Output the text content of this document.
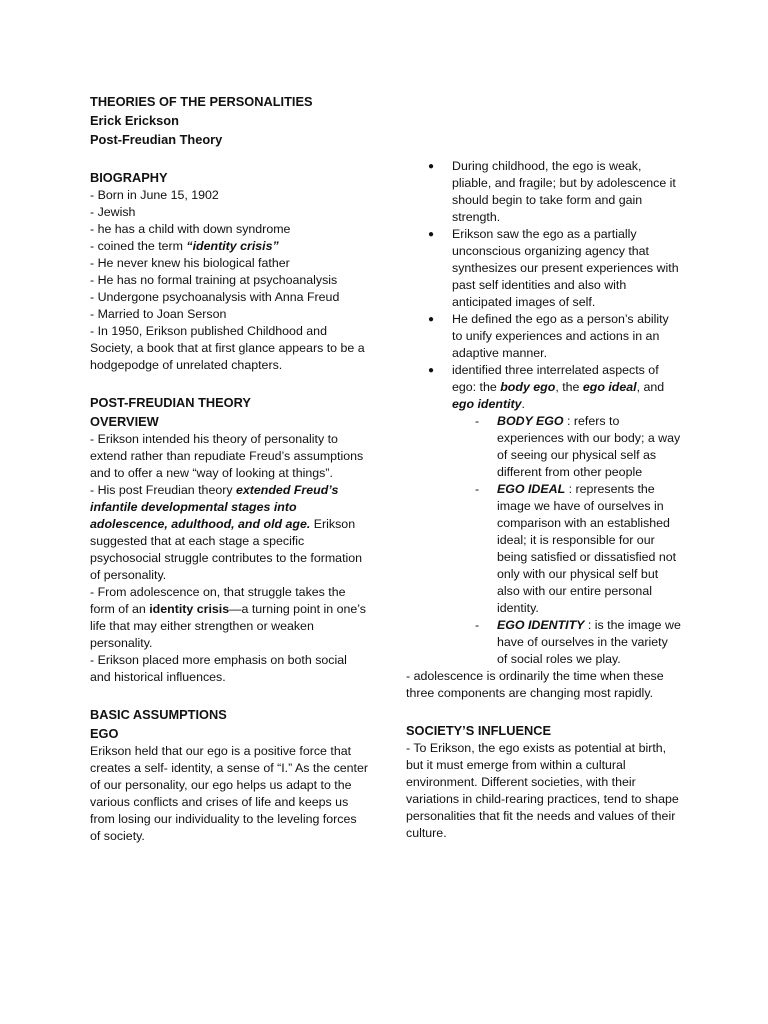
THEORIES OF THE PERSONALITIES
Erick Erickson
Post-Freudian Theory
BIOGRAPHY
- Born in June 15, 1902
- Jewish
- he has a child with down syndrome
- coined the term “identity crisis”
- He never knew his biological father
- He has no formal training at psychoanalysis
- Undergone psychoanalysis with Anna Freud
- Married to Joan Serson
- In 1950, Erikson published Childhood and Society, a book that at first glance appears to be a hodgepodge of unrelated chapters.
POST-FREUDIAN THEORY
OVERVIEW
- Erikson intended his theory of personality to extend rather than repudiate Freud’s assumptions and to offer a new “way of looking at things”.
- His post Freudian theory extended Freud’s infantile developmental stages into adolescence, adulthood, and old age. Erikson suggested that at each stage a specific psychosocial struggle contributes to the formation of personality.
- From adolescence on, that struggle takes the form of an identity crisis—a turning point in one’s life that may either strengthen or weaken personality.
- Erikson placed more emphasis on both social and historical influences.
BASIC ASSUMPTIONS
EGO
Erikson held that our ego is a positive force that creates a self- identity, a sense of “I.” As the center of our personality, our ego helps us adapt to the various conflicts and crises of life and keeps us from losing our individuality to the leveling forces of society.
● During childhood, the ego is weak, pliable, and fragile; but by adolescence it should begin to take form and gain strength.
● Erikson saw the ego as a partially unconscious organizing agency that synthesizes our present experiences with past self identities and also with anticipated images of self.
● He defined the ego as a person’s ability to unify experiences and actions in an adaptive manner.
● identified three interrelated aspects of ego: the body ego, the ego ideal, and ego identity.
- BODY EGO : refers to experiences with our body; a way of seeing our physical self as different from other people
- EGO IDEAL : represents the image we have of ourselves in comparison with an established ideal; it is responsible for our being satisfied or dissatisfied not only with our physical self but also with our entire personal identity.
- EGO IDENTITY : is the image we have of ourselves in the variety of social roles we play.
- adolescence is ordinarily the time when these three components are changing most rapidly.
SOCIETY’S INFLUENCE
- To Erikson, the ego exists as potential at birth, but it must emerge from within a cultural environment. Different societies, with their variations in child-rearing practices, tend to shape personalities that fit the needs and values of their culture.
